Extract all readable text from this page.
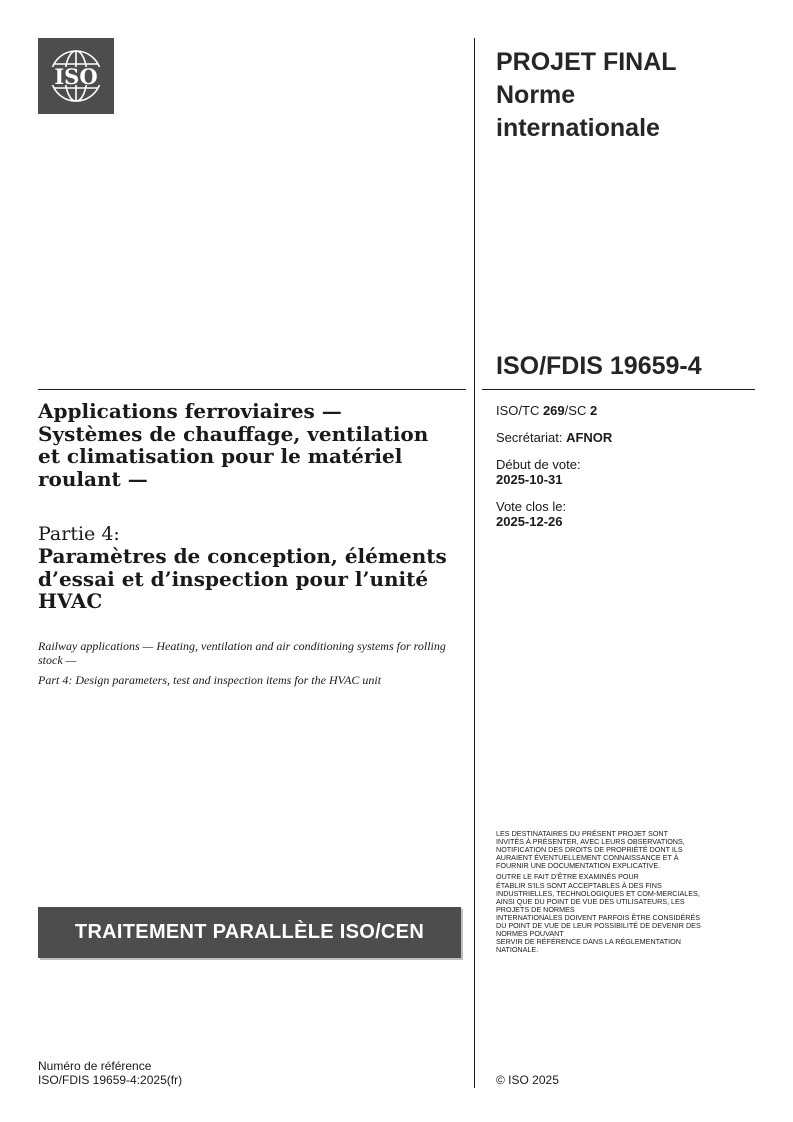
ISO
PROJET FINAL
Norme
internationale
ISO/FDIS 19659-4
ISO/TC 269/SC 2
Secrétariat: AFNOR
Début de vote:
2025-10-31
Vote clos le:
2025-12-26
Applications ferroviaires — Systèmes de chauffage, ventilation et climatisation pour le matériel roulant —
Partie 4:
Paramètres de conception, éléments d’essai et d’inspection pour l’unité HVAC

Railway applications — Heating, ventilation and air conditioning systems for rolling stock —

Part 4: Design parameters, test and inspection items for the HVAC unit

LES DESTINATAIRES DU PRÉSENT PROJET SONT
INVITÉS À PRÉSENTER, AVEC LEURS OBSERVATIONS,
NOTIFICATION DES DROITS DE PROPRIÉTÉ DONT ILS
AURAIENT ÉVENTUELLEMENT CONNAISSANCE ET À
FOURNIR UNE DOCUMENTATION EXPLICATIVE.

OUTRE LE FAIT D’ÊTRE EXAMINÉS POUR
ÉTABLIR S’ILS SONT ACCEPTABLES À DES FINS
INDUSTRIELLES, TECHNOLOGIQUES ET COM-MERCIALES,
AINSI QUE DU POINT DE VUE DES UTILISATEURS, LES
PROJETS DE NORMES
INTERNATIONALES DOIVENT PARFOIS ÊTRE CONSIDÉRÉS
DU POINT DE VUE DE LEUR POSSIBILITÉ DE DEVENIR DES
NORMES POUVANT
SERVIR DE RÉFÉRENCE DANS LA RÉGLEMENTATION
NATIONALE.

TRAITEMENT PARALLÈLE ISO/CEN
Numéro de référence
ISO/FDIS 19659-4:2025(fr)	© ISO 2025
